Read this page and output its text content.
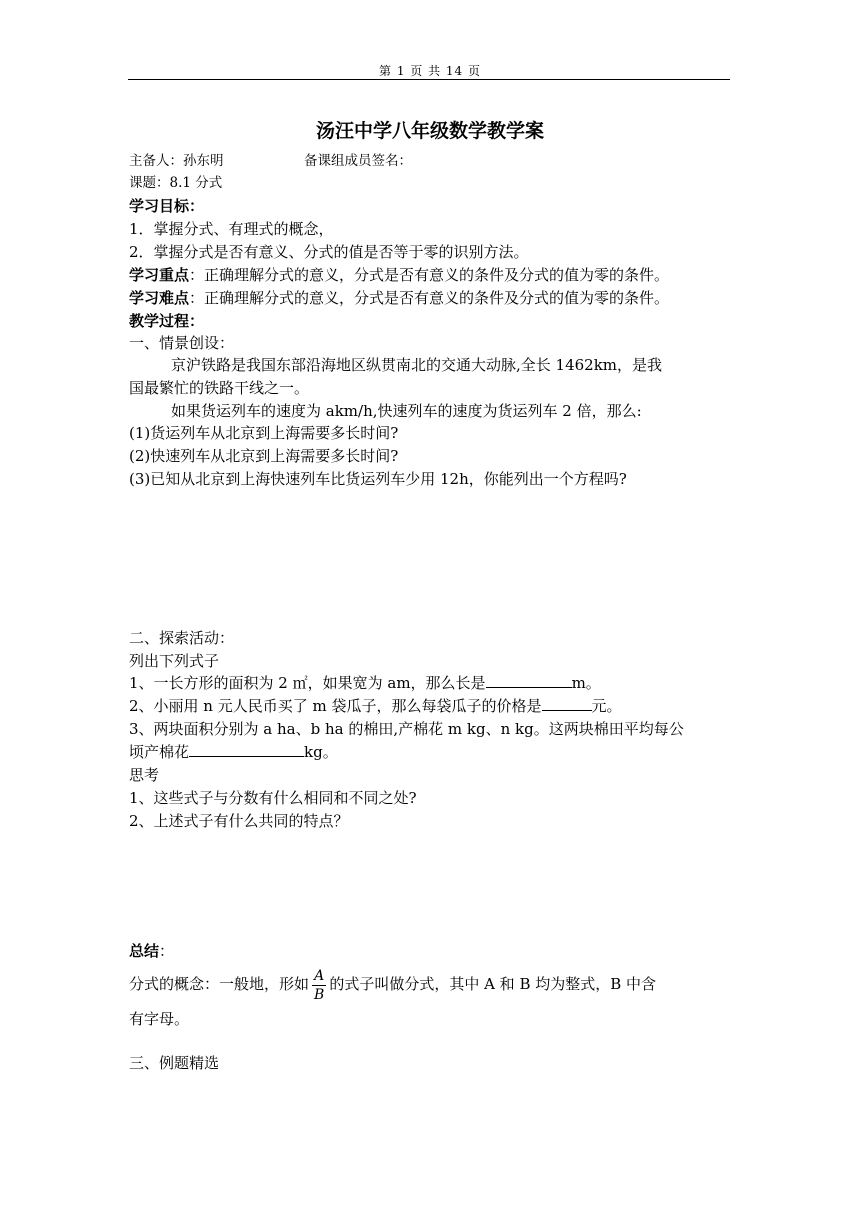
第 1 页 共 14 页
汤汪中学八年级数学教学案
主备人：孙东明	备课组成员签名：
课题：8.1 分式
学习目标：
1．掌握分式、有理式的概念，
2．掌握分式是否有意义、分式的值是否等于零的识别方法。
学习重点：正确理解分式的意义，分式是否有意义的条件及分式的值为零的条件。
学习难点：正确理解分式的意义，分式是否有意义的条件及分式的值为零的条件。
教学过程：
一、情景创设：
京沪铁路是我国东部沿海地区纵贯南北的交通大动脉,全长 1462km，是我
国最繁忙的铁路干线之一。
如果货运列车的速度为 akm/h,快速列车的速度为货运列车 2 倍，那么:
(1)货运列车从北京到上海需要多长时间?
(2)快速列车从北京到上海需要多长时间?
(3)已知从北京到上海快速列车比货运列车少用 12h，你能列出一个方程吗?
二、探索活动：
列出下列式子
1、一长方形的面积为 2 ㎡，如果宽为 am，那么长是	m。
2、小丽用 n 元人民币买了 m 袋瓜子，那么每袋瓜子的价格是	元。
3、两块面积分别为 a ha、b ha 的棉田,产棉花 m kg、n kg。这两块棉田平均每公
顷产棉花	kg。
思考
1、这些式子与分数有什么相同和不同之处?
2、上述式子有什么共同的特点？
总结：
分式的概念：一般地，形如 $\frac{A}{B}$ 的式子叫做分式，其中 A 和 B 均为整式，B 中含
有字母。
三、例题精选
